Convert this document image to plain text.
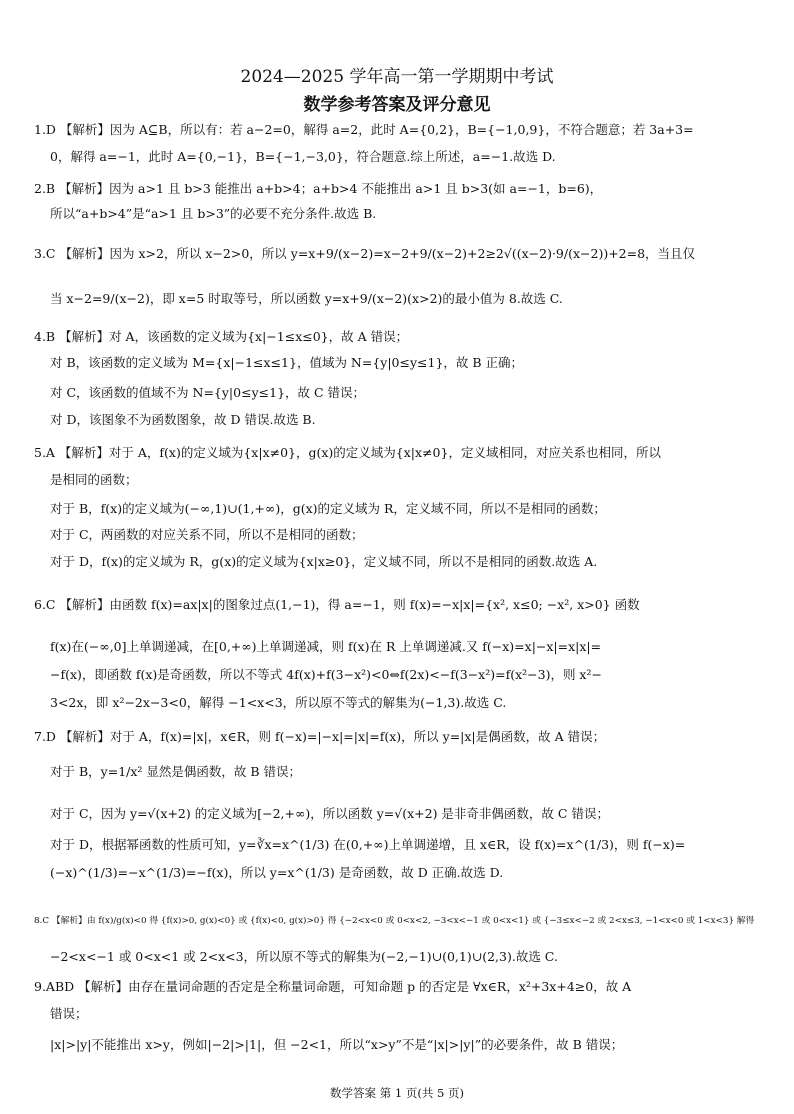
2024—2025 学年高一第一学期期中考试
数学参考答案及评分意见
1.D 【解析】因为 A⊆B，所以有：若 a−2=0，解得 a=2，此时 A={0,2}，B={−1,0,9}，不符合题意；若 3a+3=
0，解得 a=−1，此时 A={0,−1}，B={−1,−3,0}，符合题意.综上所述，a=−1.故选 D.
2.B 【解析】因为 a>1 且 b>3 能推出 a+b>4；a+b>4 不能推出 a>1 且 b>3(如 a=−1，b=6)，
所以“a+b>4”是“a>1 且 b>3”的必要不充分条件.故选 B.
3.C 【解析】因为 x>2，所以 x−2>0，所以 y=x+9/(x−2)=x−2+9/(x−2)+2≥2√((x−2)·9/(x−2))+2=8，当且仅
当 x−2=9/(x−2)，即 x=5 时取等号，所以函数 y=x+9/(x−2)(x>2)的最小值为 8.故选 C.
4.B 【解析】对 A，该函数的定义域为{x|−1≤x≤0}，故 A 错误；
对 B，该函数的定义域为 M={x|−1≤x≤1}，值域为 N={y|0≤y≤1}，故 B 正确；
对 C，该函数的值域不为 N={y|0≤y≤1}，故 C 错误；
对 D，该图象不为函数图象，故 D 错误.故选 B.
5.A 【解析】对于 A，f(x)的定义域为{x|x≠0}，g(x)的定义域为{x|x≠0}，定义域相同，对应关系也相同，所以
是相同的函数；
对于 B，f(x)的定义域为(−∞,1)∪(1,+∞)，g(x)的定义域为 R，定义域不同，所以不是相同的函数；
对于 C，两函数的对应关系不同，所以不是相同的函数；
对于 D，f(x)的定义域为 R，g(x)的定义域为{x|x≥0}，定义域不同，所以不是相同的函数.故选 A.
6.C 【解析】由函数 f(x)=ax|x|的图象过点(1,−1)，得 a=−1，则 f(x)=−x|x|={x², x≤0; −x², x>0} 函数
f(x)在(−∞,0]上单调递减，在[0,+∞)上单调递减，则 f(x)在 R 上单调递减.又 f(−x)=x|−x|=x|x|=
−f(x)，即函数 f(x)是奇函数，所以不等式 4f(x)+f(3−x²)<0⇔f(2x)<−f(3−x²)=f(x²−3)，则 x²−
3<2x，即 x²−2x−3<0，解得 −1<x<3，所以原不等式的解集为(−1,3).故选 C.
7.D 【解析】对于 A，f(x)=|x|，x∈R，则 f(−x)=|−x|=|x|=f(x)，所以 y=|x|是偶函数，故 A 错误；
对于 B，y=1/x² 显然是偶函数，故 B 错误；
对于 C，因为 y=√(x+2) 的定义域为[−2,+∞)，所以函数 y=√(x+2) 是非奇非偶函数，故 C 错误；
对于 D，根据幂函数的性质可知，y=∛x=x^(1/3) 在(0,+∞)上单调递增，且 x∈R，设 f(x)=x^(1/3)，则 f(−x)=
(−x)^(1/3)=−x^(1/3)=−f(x)，所以 y=x^(1/3) 是奇函数，故 D 正确.故选 D.
8.C 【解析】由 f(x)/g(x)<0 得 {f(x)>0, g(x)<0} 或 {f(x)<0, g(x)>0} 得 {−2<x<0 或 0<x<2, −3<x<−1 或 0<x<1} 或 {−3≤x<−2 或 2<x≤3, −1<x<0 或 1<x<3} 解得
−2<x<−1 或 0<x<1 或 2<x<3，所以原不等式的解集为(−2,−1)∪(0,1)∪(2,3).故选 C.
9.ABD 【解析】由存在量词命题的否定是全称量词命题，可知命题 p 的否定是 ∀x∈R，x²+3x+4≥0，故 A
错误；
|x|>|y|不能推出 x>y，例如|−2|>|1|，但 −2<1，所以“x>y”不是“|x|>|y|”的必要条件，故 B 错误；
数学答案 第 1 页(共 5 页)
